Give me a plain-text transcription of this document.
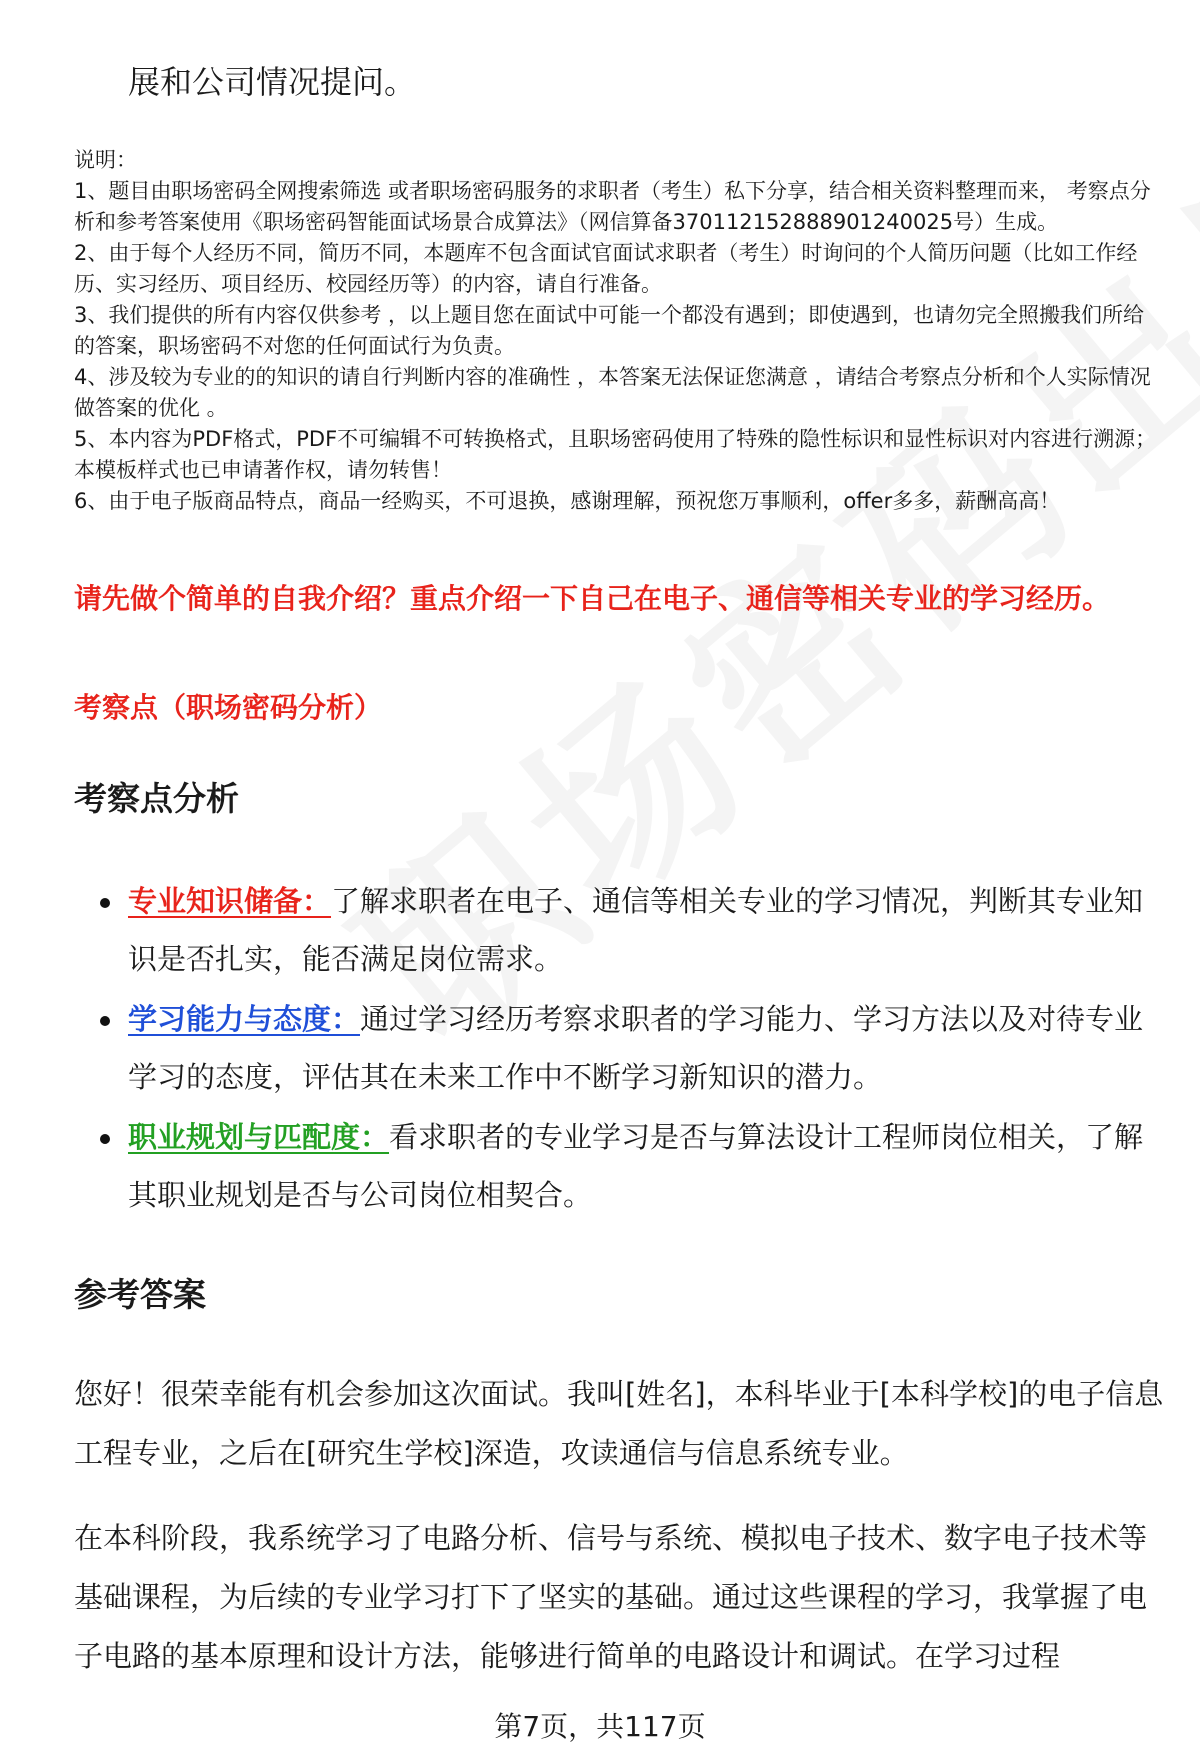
展和公司情况提问。

说明：

1、题目由职场密码全网搜索筛选 或者职场密码服务的求职者（考生）私下分享，结合相关资料整理而来， 考察点分析和参考答案使用《职场密码智能面试场景合成算法》（网信算备370112152888901240025号）生成。

2、由于每个人经历不同，简历不同，本题库不包含面试官面试求职者（考生）时询问的个人简历问题（比如工作经历、实习经历、项目经历、校园经历等）的内容，请自行准备。

3、我们提供的所有内容仅供参考 ，以上题目您在面试中可能一个都没有遇到；即使遇到，也请勿完全照搬我们所给的答案，职场密码不对您的任何面试行为负责。

4、涉及较为专业的的知识的请自行判断内容的准确性 ，本答案无法保证您满意 ，请结合考察点分析和个人实际情况做答案的优化 。

5、本内容为PDF格式，PDF不可编辑不可转换格式，且职场密码使用了特殊的隐性标识和显性标识对内容进行溯源；本模板样式也已申请著作权，请勿转售！

6、由于电子版商品特点，商品一经购买，不可退换，感谢理解，预祝您万事顺利，offer多多，薪酬高高！

请先做个简单的自我介绍？重点介绍一下自己在电子、通信等相关专业的学习经历。
考察点（职场密码分析）
考察点分析
专业知识储备：了解求职者在电子、通信等相关专业的学习情况，判断其专业知识是否扎实，能否满足岗位需求。
学习能力与态度：通过学习经历考察求职者的学习能力、学习方法以及对待专业学习的态度，评估其在未来工作中不断学习新知识的潜力。
职业规划与匹配度：看求职者的专业学习是否与算法设计工程师岗位相关，了解其职业规划是否与公司岗位相契合。
参考答案

您好！很荣幸能有机会参加这次面试。我叫[姓名]，本科毕业于[本科学校]的电子信息工程专业，之后在[研究生学校]深造，攻读通信与信息系统专业。

在本科阶段，我系统学习了电路分析、信号与系统、模拟电子技术、数字电子技术等基础课程，为后续的专业学习打下了坚实的基础。通过这些课程的学习，我掌握了电子电路的基本原理和设计方法，能够进行简单的电路设计和调试。在学习过程

第7页，共117页
